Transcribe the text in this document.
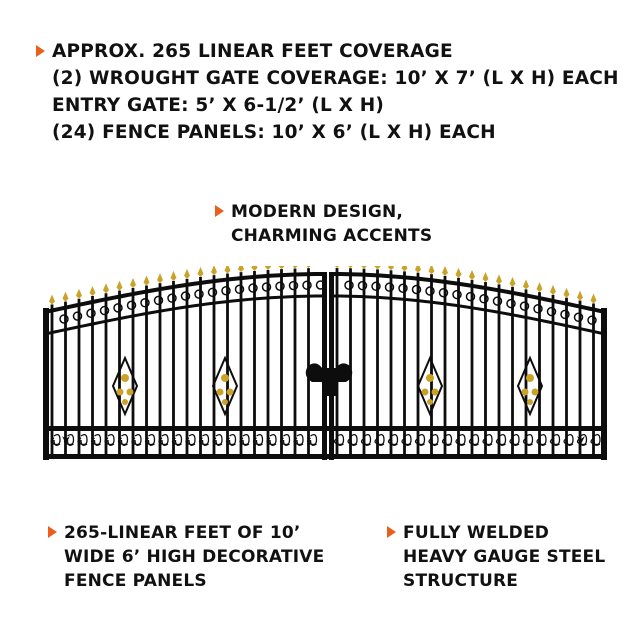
APPROX. 265 LINEAR FEET COVERAGE
(2) WROUGHT GATE COVERAGE: 10’ X 7’ (L X H) EACH
ENTRY GATE: 5’ X 6-1/2’ (L X H)
(24) FENCE PANELS: 10’ X 6’ (L X H) EACH
MODERN DESIGN,
CHARMING ACCENTS
265-LINEAR FEET OF 10’
WIDE 6’ HIGH DECORATIVE
FENCE PANELS
FULLY WELDED
HEAVY GAUGE STEEL
STRUCTURE
